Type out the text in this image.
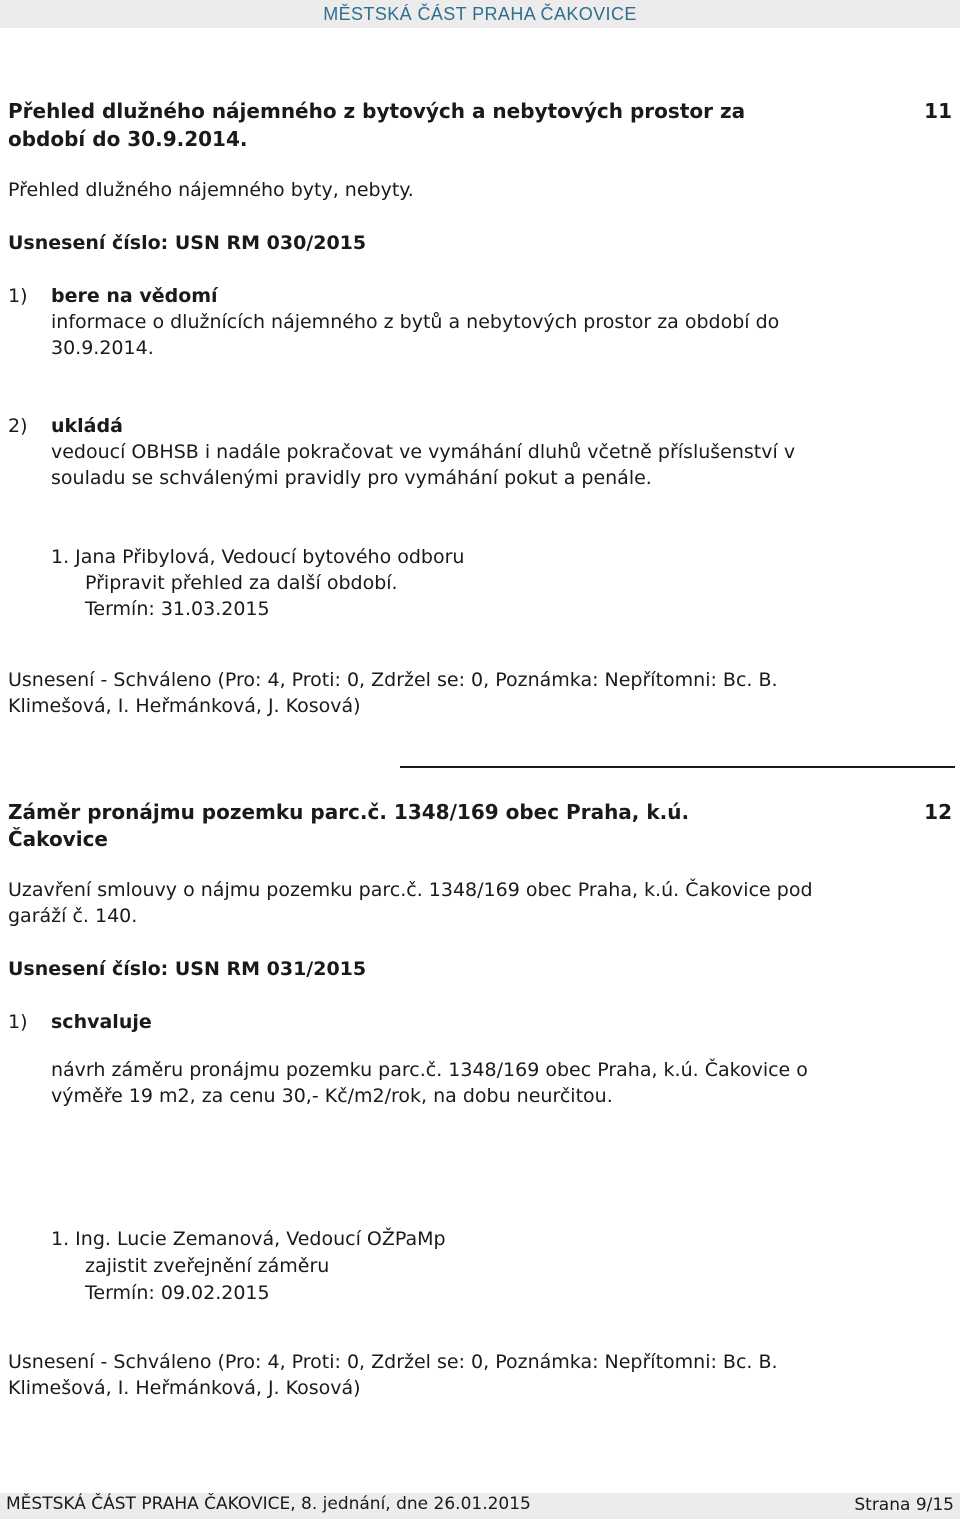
MĚSTSKÁ ČÁST PRAHA ČAKOVICE
Přehled dlužného nájemného z bytových a nebytových prostor za
období do 30.9.2014.
11
Přehled dlužného nájemného byty, nebyty.
Usnesení číslo: USN RM 030/2015
1) bere na vědomí
informace o dlužnících nájemného z bytů a nebytových prostor za období do
30.9.2014.
2) ukládá
vedoucí OBHSB i nadále pokračovat ve vymáhání dluhů včetně příslušenství v
souladu se schválenými pravidly pro vymáhání pokut a penále.
1. Jana Přibylová, Vedoucí bytového odboru
Připravit přehled za další období.
Termín: 31.03.2015
Usnesení - Schváleno (Pro: 4, Proti: 0, Zdržel se: 0, Poznámka: Nepřítomni: Bc. B.
Klimešová, I. Heřmánková, J. Kosová)
Záměr pronájmu pozemku parc.č. 1348/169 obec Praha, k.ú.
Čakovice
12
Uzavření smlouvy o nájmu pozemku parc.č. 1348/169 obec Praha, k.ú. Čakovice pod
garáží č. 140.
Usnesení číslo: USN RM 031/2015
1) schvaluje
návrh záměru pronájmu pozemku parc.č. 1348/169 obec Praha, k.ú. Čakovice o
výměře 19 m2, za cenu 30,- Kč/m2/rok, na dobu neurčitou.
1. Ing. Lucie Zemanová, Vedoucí OŽPaMp
zajistit zveřejnění záměru
Termín: 09.02.2015
Usnesení - Schváleno (Pro: 4, Proti: 0, Zdržel se: 0, Poznámka: Nepřítomni: Bc. B.
Klimešová, I. Heřmánková, J. Kosová)
MĚSTSKÁ ČÁST PRAHA ČAKOVICE, 8. jednání, dne 26.01.2015	Strana 9/15
